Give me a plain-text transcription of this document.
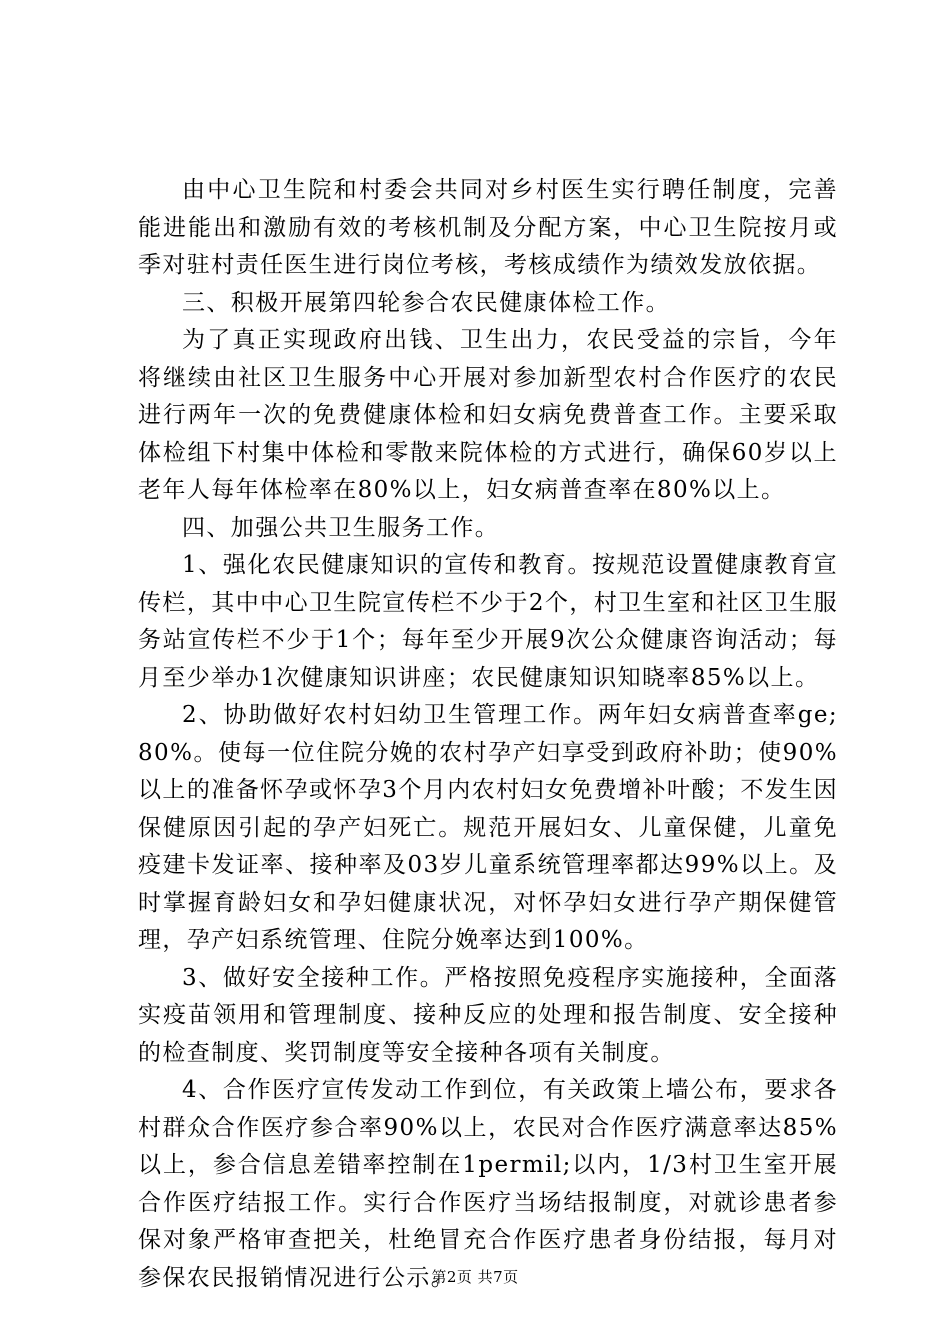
由中心卫生院和村委会共同对乡村医生实行聘任制度，完善能进能出和激励有效的考核机制及分配方案，中心卫生院按月或季对驻村责任医生进行岗位考核，考核成绩作为绩效发放依据。

三、积极开展第四轮参合农民健康体检工作。

为了真正实现政府出钱、卫生出力，农民受益的宗旨，今年将继续由社区卫生服务中心开展对参加新型农村合作医疗的农民进行两年一次的免费健康体检和妇女病免费普查工作。主要采取体检组下村集中体检和零散来院体检的方式进行，确保60岁以上老年人每年体检率在80%以上，妇女病普查率在80%以上。

四、加强公共卫生服务工作。

1、强化农民健康知识的宣传和教育。按规范设置健康教育宣传栏，其中中心卫生院宣传栏不少于2个，村卫生室和社区卫生服务站宣传栏不少于1个；每年至少开展9次公众健康咨询活动；每月至少举办1次健康知识讲座；农民健康知识知晓率85%以上。

2、协助做好农村妇幼卫生管理工作。两年妇女病普查率ge;80%。使每一位住院分娩的农村孕产妇享受到政府补助；使90%以上的准备怀孕或怀孕3个月内农村妇女免费增补叶酸；不发生因保健原因引起的孕产妇死亡。规范开展妇女、儿童保健，儿童免疫建卡发证率、接种率及03岁儿童系统管理率都达99%以上。及时掌握育龄妇女和孕妇健康状况，对怀孕妇女进行孕产期保健管理，孕产妇系统管理、住院分娩率达到100%。

3、做好安全接种工作。严格按照免疫程序实施接种，全面落实疫苗领用和管理制度、接种反应的处理和报告制度、安全接种的检查制度、奖罚制度等安全接种各项有关制度。

4、合作医疗宣传发动工作到位，有关政策上墙公布，要求各村群众合作医疗参合率90%以上，农民对合作医疗满意率达85%以上，参合信息差错率控制在1permil;以内，1/3村卫生室开展合作医疗结报工作。实行合作医疗当场结报制度，对就诊患者参保对象严格审查把关，杜绝冒充合作医疗患者身份结报，每月对参保农民报销情况进行公示。

第2页 共7页
